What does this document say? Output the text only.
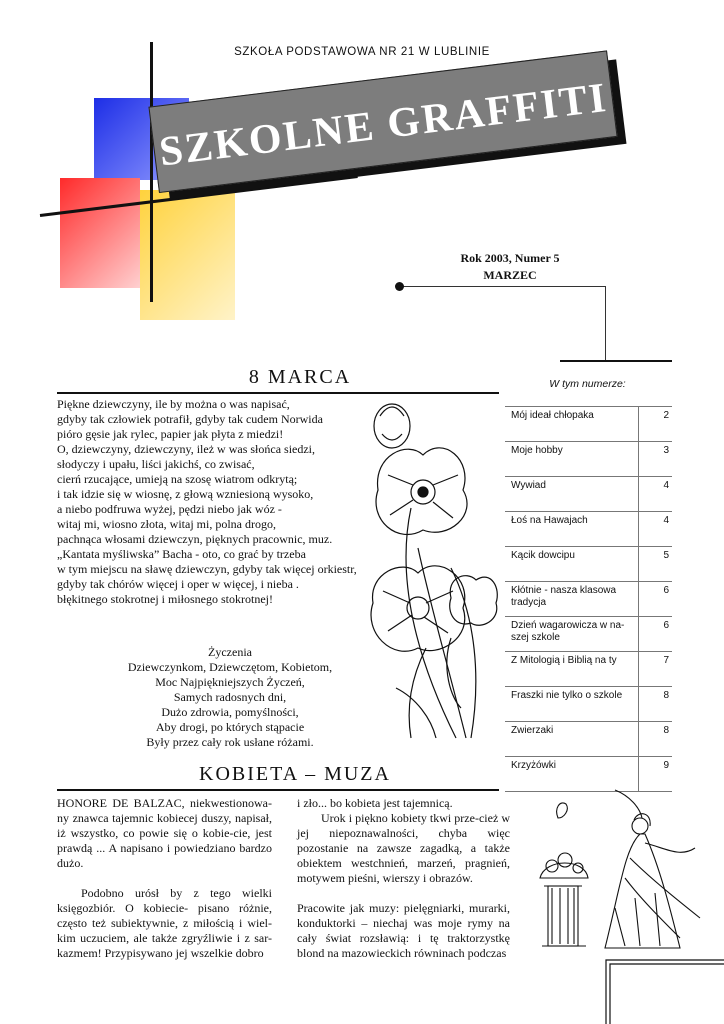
SZKOŁA PODSTAWOWA NR 21 W LUBLINIE
SZKOLNE GRAFFITI
Rok 2003, Numer 5
MARZEC
W tym numerze:
Mój ideał chłopaka	2
Moje hobby	3
Wywiad	4
Łoś na Hawajach	4
Kącik dowcipu	5
Kłótnie - nasza klasowa tradycja	6
Dzień wagarowicza w na-szej szkole	6
Z Mitologią i Biblią na ty	7
Fraszki nie tylko o szkole	8
Zwierzaki	8
Krzyżówki	9
8 MARCA
Piękne dziewczyny, ile by można o was napisać,
gdyby tak człowiek potrafił, gdyby tak cudem Norwida
pióro gęsie jak rylec, papier jak płyta z miedzi!
O, dziewczyny, dziewczyny, ileż w was słońca siedzi,
słodyczy i upału, liści jakichś, co zwisać,
cierń rzucające, umieją na szosę wiatrom odkrytą;
i tak idzie się w wiosnę, z głową wzniesioną wysoko,
a niebo podfruwa wyżej, pędzi niebo jak wóz -
witaj mi, wiosno złota, witaj mi, polna drogo,
pachnąca włosami dziewczyn, pięknych pracownic, muz.
„Kantata myśliwska” Bacha - oto, co grać by trzeba
w tym miejscu na sławę dziewczyn, gdyby tak więcej orkiestr,
gdyby tak chórów więcej i oper w więcej, i nieba .
błękitnego stokrotnej i miłosnego stokrotnej!
Życzenia
Dziewczynkom, Dziewczętom, Kobietom,
Moc Najpiękniejszych Życzeń,
Samych radosnych dni,
Dużo zdrowia, pomyślności,
Aby drogi, po których stąpacie
Były przez cały rok usłane różami.
KOBIETA – MUZA

HONORE DE BALZAC, niekwestionowa-ny znawca tajemnic kobiecej duszy, napisał, iż wszystko, co powie się o kobie-cie, jest prawdą ... A napisano i powiedziano bardzo dużo.

Podobno urósł by z tego wielki księgozbiór. O kobiecie- pisano różnie, często też subiektywnie, z miłością i wiel-kim uczuciem, ale także zgryźliwie i z sar-kazmem! Przypisywano jej wszelkie dobro

i zło... bo kobieta jest tajemnicą.

Urok i piękno kobiety tkwi prze-cież w jej niepoznawalności, chyba więc pozostanie na zawsze zagadką, a także obiektem westchnień, marzeń, pragnień, motywem pieśni, wierszy i obrazów.

Pracowite jak muzy: pielęgniarki, murarki, konduktorki – niechaj was moje rymy na cały świat rozsławią: i tę traktorzystkę blond na mazowieckich równinach podczas
